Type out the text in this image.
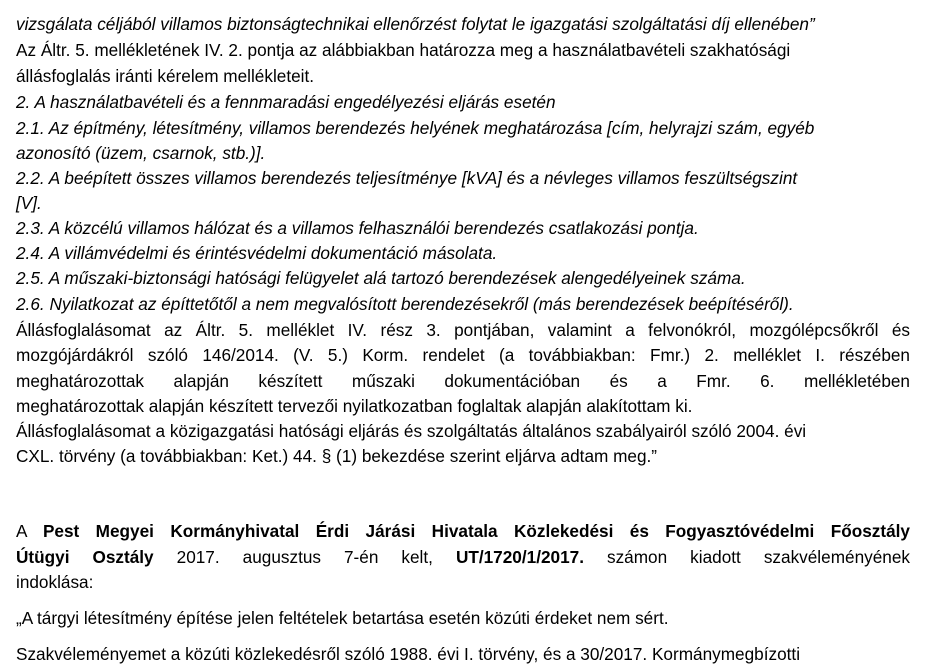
vizsgálata céljából villamos biztonságtechnikai ellenőrzést folytat le igazgatási szolgáltatási díj ellenében”
Az Áltr. 5. mellékletének IV. 2. pontja az alábbiakban határozza meg a használatbavételi szakhatósági
állásfoglalás iránti kérelem mellékleteit.
2. A használatbavételi és a fennmaradási engedélyezési eljárás esetén
2.1. Az építmény, létesítmény, villamos berendezés helyének meghatározása [cím, helyrajzi szám, egyéb
azonosító (üzem, csarnok, stb.)].
2.2. A beépített összes villamos berendezés teljesítménye [kVA] és a névleges villamos feszültségszint
[V].
2.3. A közcélú villamos hálózat és a villamos felhasználói berendezés csatlakozási pontja.
2.4. A villámvédelmi és érintésvédelmi dokumentáció másolata.
2.5. A műszaki-biztonsági hatósági felügyelet alá tartozó berendezések alengedélyeinek száma.
2.6. Nyilatkozat az építtetőtől a nem megvalósított berendezésekről (más berendezések beépítéséről).
Állásfoglalásomat az Áltr. 5. melléklet IV. rész 3. pontjában, valamint a felvonókról, mozgólépcsőkről és
mozgójárdákról szóló 146/2014. (V. 5.) Korm. rendelet (a továbbiakban: Fmr.) 2. melléklet I. részében
meghatározottak alapján készített műszaki dokumentációban és a Fmr. 6. mellékletében
meghatározottak alapján készített tervezői nyilatkozatban foglaltak alapján alakítottam ki.
Állásfoglalásomat a közigazgatási hatósági eljárás és szolgáltatás általános szabályairól szóló 2004. évi
CXL. törvény (a továbbiakban: Ket.) 44. § (1) bekezdése szerint eljárva adtam meg.”
A Pest Megyei Kormányhivatal Érdi Járási Hivatala Közlekedési és Fogyasztóvédelmi Főosztály
Útügyi Osztály 2017. augusztus 7-én kelt, UT/1720/1/2017. számon kiadott szakvéleményének
indoklása:
„A tárgyi létesítmény építése jelen feltételek betartása esetén közúti érdeket nem sért.
Szakvéleményemet a közúti közlekedésről szóló 1988. évi I. törvény, és a 30/2017. Kormánymegbízotti
